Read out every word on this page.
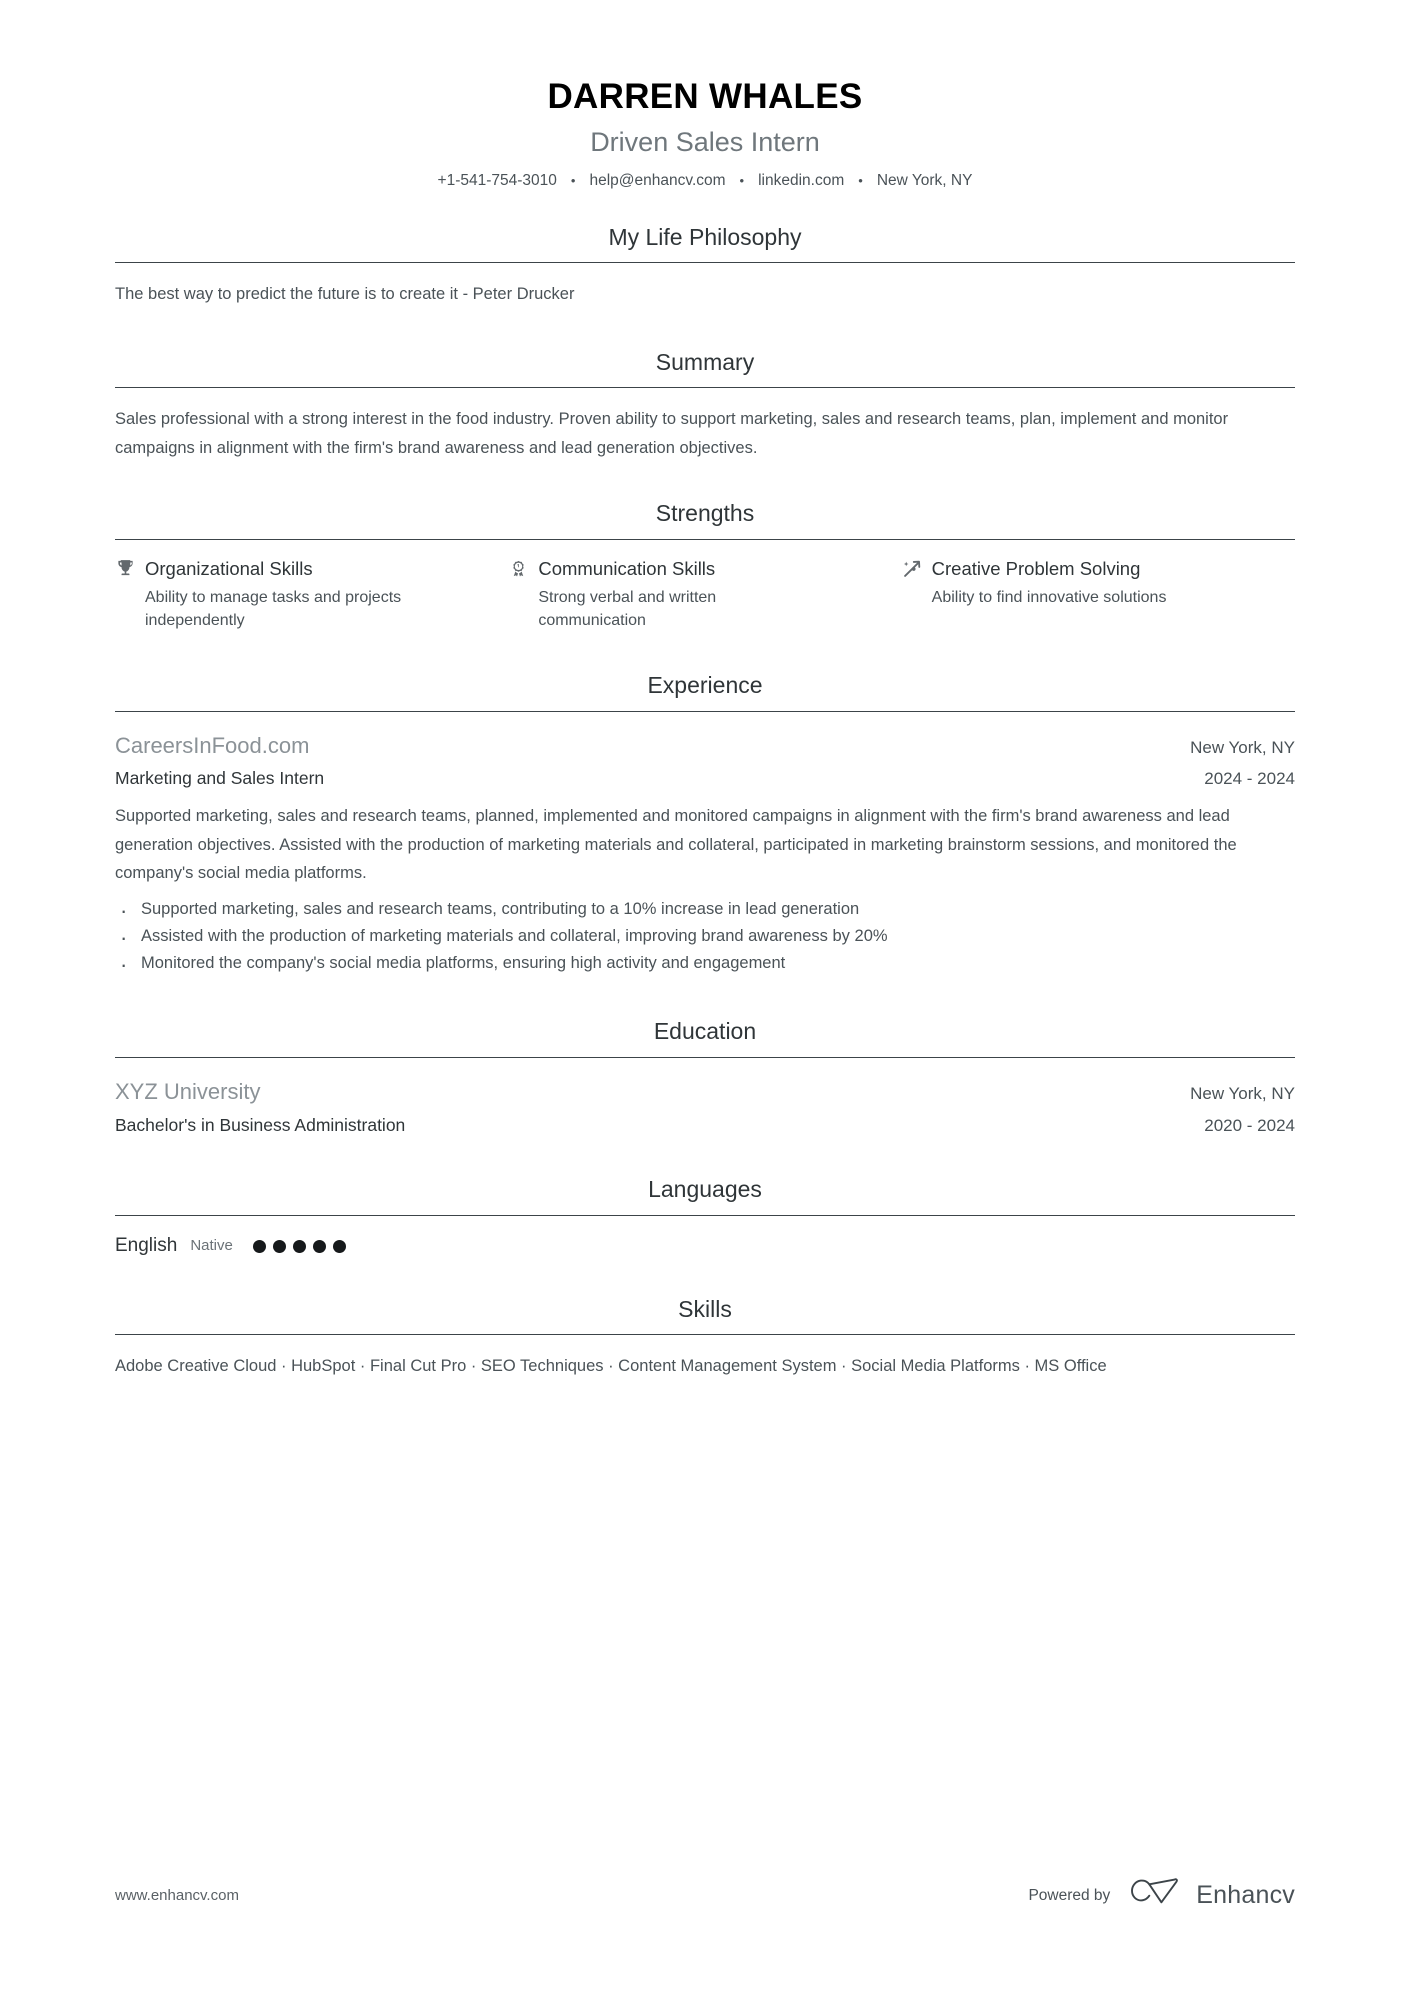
DARREN WHALES
Driven Sales Intern
+1-541-754-3010 • help@enhancv.com • linkedin.com • New York, NY
My Life Philosophy
The best way to predict the future is to create it - Peter Drucker
Summary
Sales professional with a strong interest in the food industry. Proven ability to support marketing, sales and research teams, plan, implement and monitor campaigns in alignment with the firm's brand awareness and lead generation objectives.
Strengths
Organizational Skills
Ability to manage tasks and projects independently
Communication Skills
Strong verbal and written communication
Creative Problem Solving
Ability to find innovative solutions
Experience
CareersInFood.com	New York, NY
Marketing and Sales Intern	2024 - 2024
Supported marketing, sales and research teams, planned, implemented and monitored campaigns in alignment with the firm's brand awareness and lead generation objectives. Assisted with the production of marketing materials and collateral, participated in marketing brainstorm sessions, and monitored the company's social media platforms.
· Supported marketing, sales and research teams, contributing to a 10% increase in lead generation
· Assisted with the production of marketing materials and collateral, improving brand awareness by 20%
· Monitored the company's social media platforms, ensuring high activity and engagement
Education
XYZ University	New York, NY
Bachelor's in Business Administration	2020 - 2024
Languages
English Native
Skills
Adobe Creative Cloud · HubSpot · Final Cut Pro · SEO Techniques · Content Management System · Social Media Platforms · MS Office
www.enhancv.com	Powered by	Enhancv
